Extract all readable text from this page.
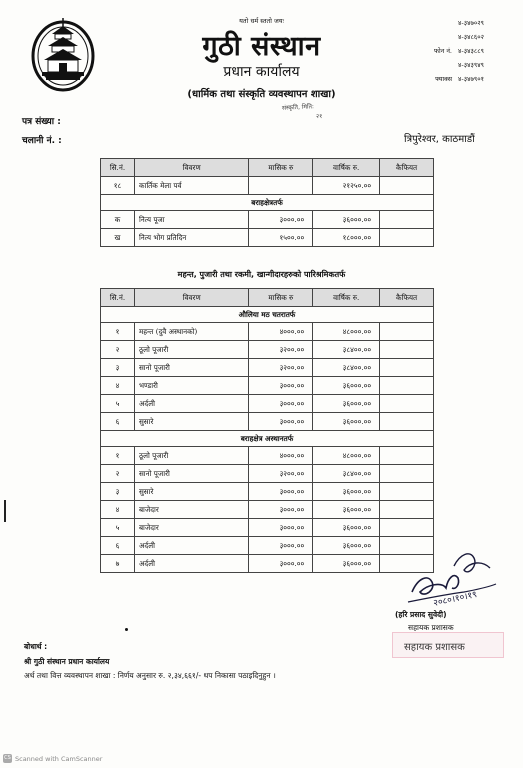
यतो धर्म स्ततो जयः
गुठी संस्थान
प्रधान कार्यालय
(धार्मिक तथा संस्कृति व्यवस्थापन शाखा)
संस्कृति, मिति:
२१
४-३४७०२९
४-३४८६०२
फोन नं. ४-३४३८८९
४-३४३९४९
फ्याक्स ४-३४७९०१
पत्र संख्या :
चलानी नं. :	त्रिपुरेश्वर, काठमाडौं
सि.नं.	विवरण	मासिक रु	वार्षिक रु.	कैफियत
१८	कार्तिक मेला पर्व		२१२५०.००	
बराहक्षेत्रतर्फ				
क	नित्य पूजा	३०००.००	३६०००.००	
ख	नित्य भोग प्रतिदिन	१५००.००	१८०००.००	
महन्त, पुजारी तथा रकमी, खान्गीदारहरुको पारिश्रमिकतर्फ
सि.नं.	विवरण	मासिक रु	वार्षिक रु.	कैफियत
औलिया मठ चतरातर्फ				
१	महन्त (दुवै अस्थानको)	४०००.००	४८०००.००	
२	ठूलो पूजारी	३२००.००	३८४००.००	
३	सानो पूजारी	३२००.००	३८४००.००	
४	भण्डारी	३०००.००	३६०००.००	
५	अर्दली	३०००.००	३६०००.००	
६	सुसारे	३०००.००	३६०००.००	
बराहक्षेत्र अस्थानतर्फ				
१	ठूलो पूजारी	४०००.००	४८०००.००	
२	सानो पूजारी	३२००.००	३८४००.००	
३	सुसारे	३०००.००	३६०००.००	
४	बाजेदार	३०००.००	३६०००.००	
५	बाजेदार	३०००.००	३६०००.००	
६	अर्दली	३०००.००	३६०००.००	
७	अर्दली	३०००.००	३६०००.००	
२०८०।१०।१९
(हरि प्रसाद सुवेदी)
सहायक प्रशासक
सहायक प्रशासक
बोधार्थ :
श्री गुठी संस्थान प्रधान कार्यालय
अर्थ तथा वित्त व्यवस्थापन शाखा : निर्णय अनुसार रु. २,३४,६६१/- थप निकासा पठाइदिनुहुन ।
CS Scanned with CamScanner
